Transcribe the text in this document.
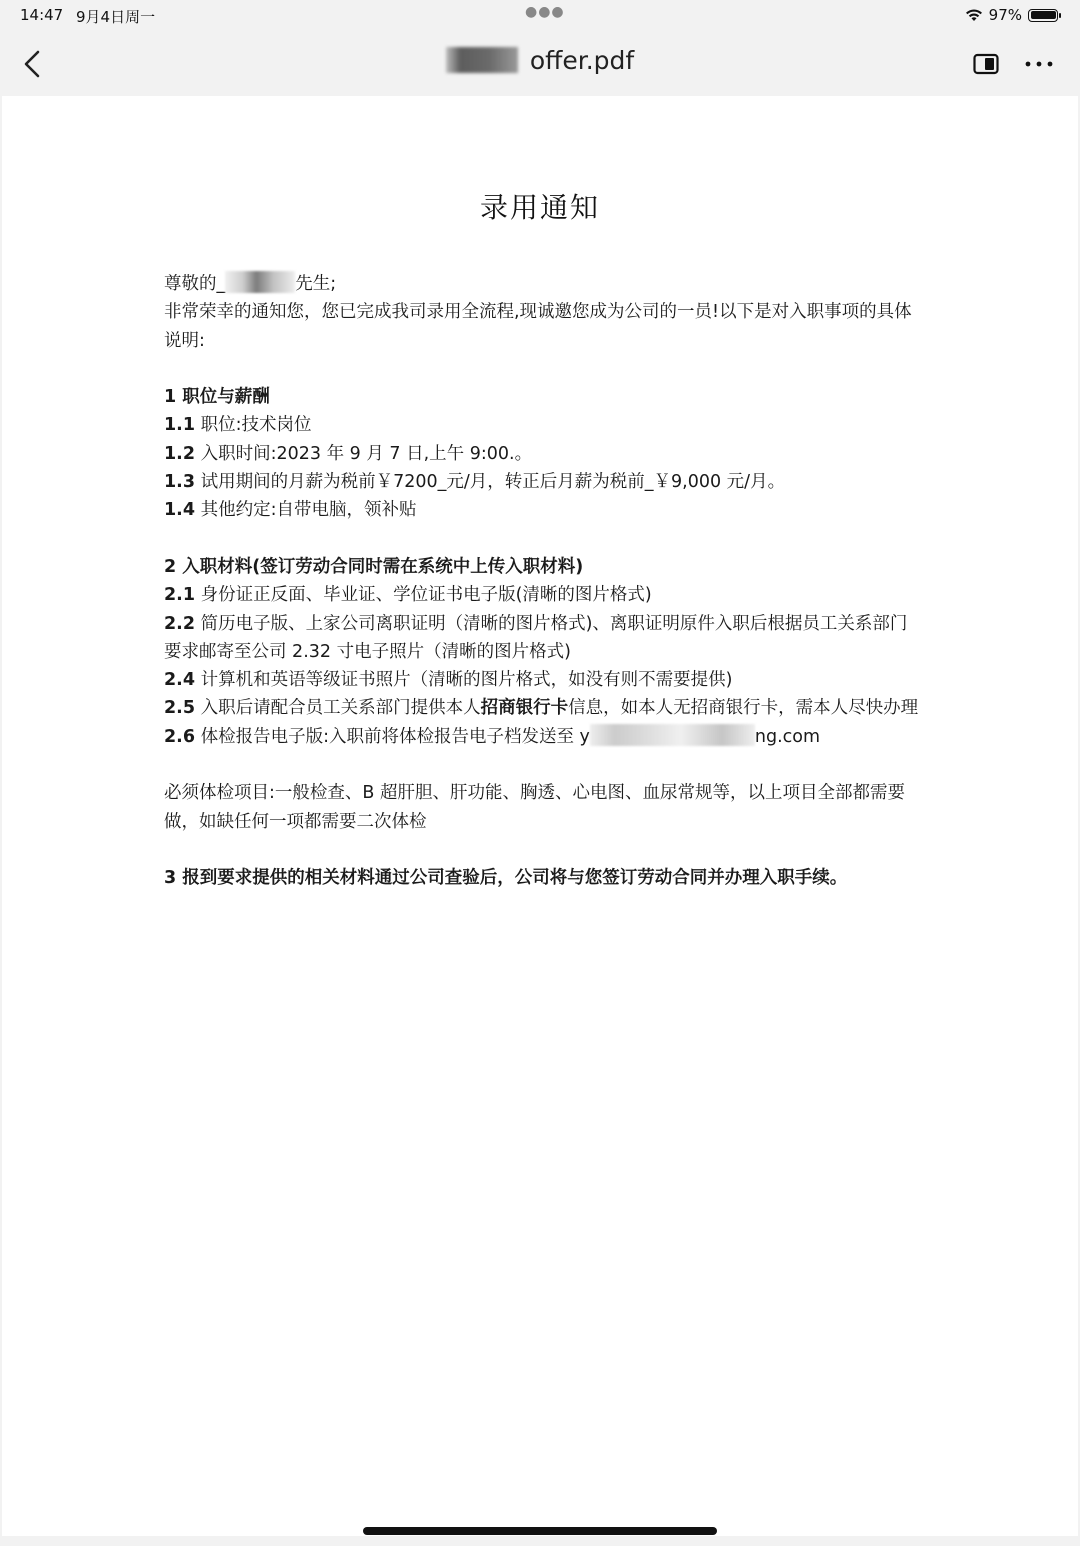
14:47 9月4日周一	●●●	97%
offer.pdf
录用通知

尊敬的_	先生;

非常荣幸的通知您，您已完成我司录用全流程,现诚邀您成为公司的一员!以下是对入职事项的具体说明:

1 职位与薪酬

1.1 职位:技术岗位

1.2 入职时间:2023 年 9 月 7 日,上午 9:00.。

1.3 试用期间的月薪为税前￥7200_元/月，转正后月薪为税前_￥9,000 元/月。

1.4 其他约定:自带电脑，领补贴

2 入职材料(签订劳动合同时需在系统中上传入职材料)

2.1 身份证正反面、毕业证、学位证书电子版(清晰的图片格式)

2.2 简历电子版、上家公司离职证明（清晰的图片格式)、离职证明原件入职后根据员工关系部门要求邮寄至公司 2.32 寸电子照片（清晰的图片格式)

2.4 计算机和英语等级证书照片（清晰的图片格式，如没有则不需要提供)

2.5 入职后请配合员工关系部门提供本人招商银行卡信息，如本人无招商银行卡，需本人尽快办理

2.6 体检报告电子版:入职前将体检报告电子档发送至 y	ng.com

必须体检项目:一般检查、B 超肝胆、肝功能、胸透、心电图、血尿常规等，以上项目全部都需要做，如缺任何一项都需要二次体检

3 报到要求提供的相关材料通过公司查验后，公司将与您签订劳动合同并办理入职手续。
